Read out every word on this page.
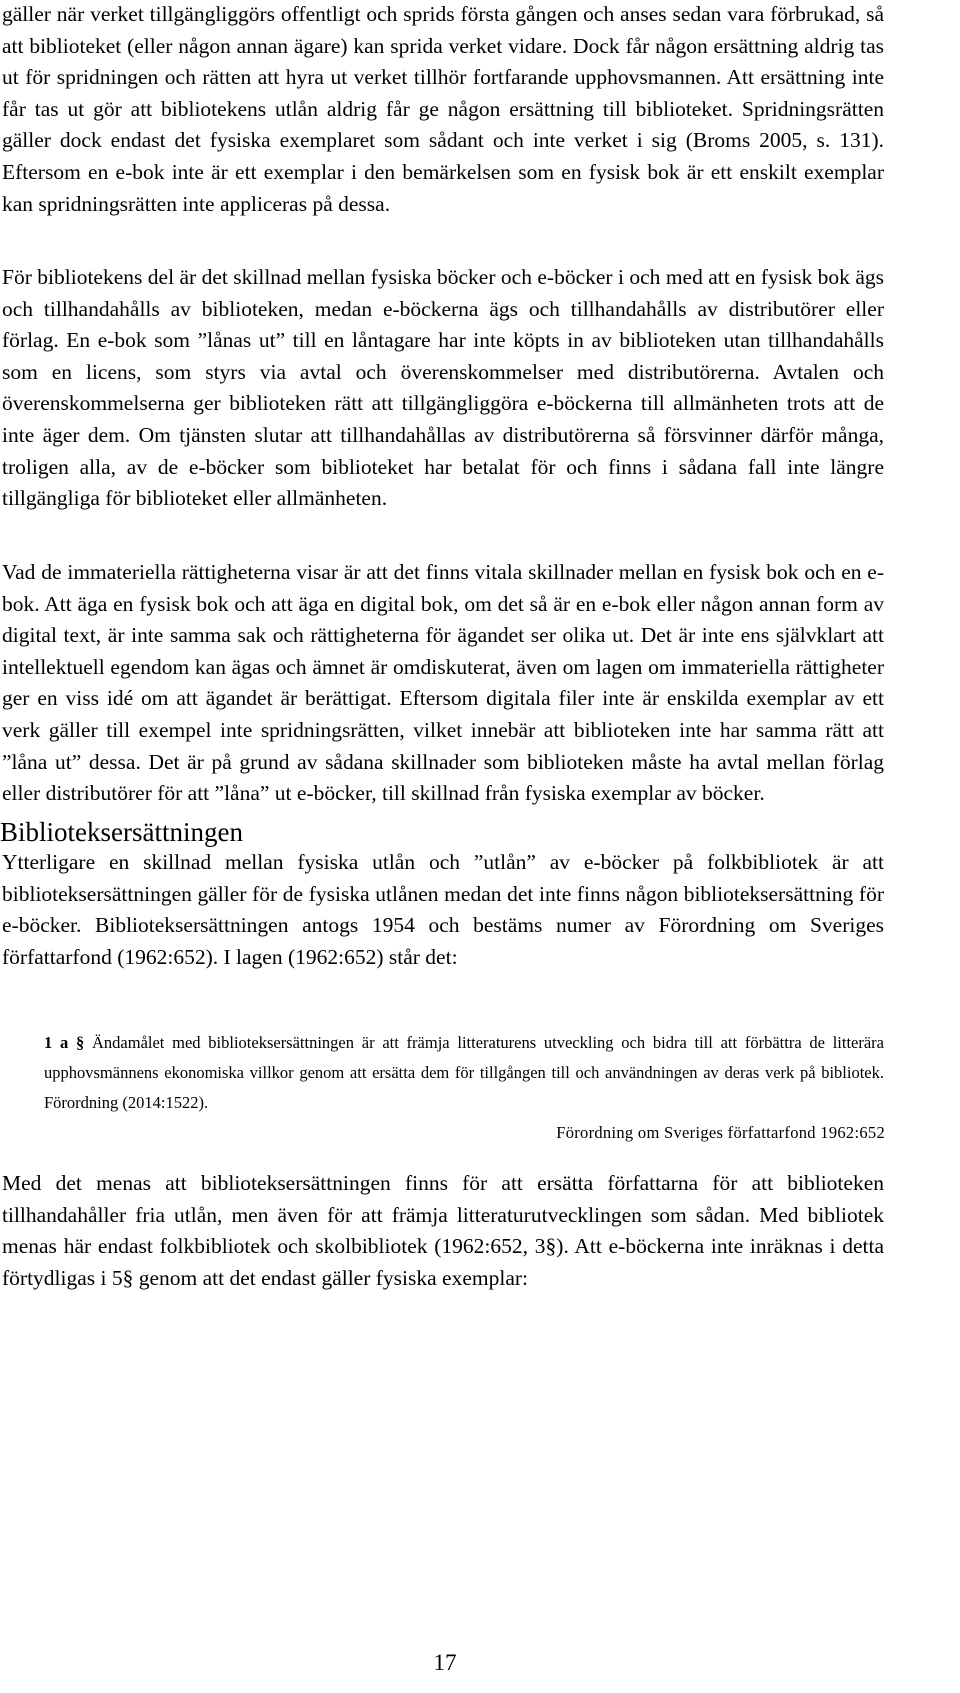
gäller när verket tillgängliggörs offentligt och sprids första gången och anses sedan vara förbrukad, så att biblioteket (eller någon annan ägare) kan sprida verket vidare. Dock får någon ersättning aldrig tas ut för spridningen och rätten att hyra ut verket tillhör fortfarande upphovsmannen. Att ersättning inte får tas ut gör att bibliotekens utlån aldrig får ge någon ersättning till biblioteket. Spridningsrätten gäller dock endast det fysiska exemplaret som sådant och inte verket i sig (Broms 2005, s. 131). Eftersom en e-bok inte är ett exemplar i den bemärkelsen som en fysisk bok är ett enskilt exemplar kan spridningsrätten inte appliceras på dessa.

För bibliotekens del är det skillnad mellan fysiska böcker och e-böcker i och med att en fysisk bok ägs och tillhandahålls av biblioteken, medan e-böckerna ägs och tillhandahålls av distributörer eller förlag. En e-bok som ”lånas ut” till en låntagare har inte köpts in av biblioteken utan tillhandahålls som en licens, som styrs via avtal och överenskommelser med distributörerna. Avtalen och överenskommelserna ger biblioteken rätt att tillgängliggöra e-böckerna till allmänheten trots att de inte äger dem. Om tjänsten slutar att tillhandahållas av distributörerna så försvinner därför många, troligen alla, av de e-böcker som biblioteket har betalat för och finns i sådana fall inte längre tillgängliga för biblioteket eller allmänheten.

Vad de immateriella rättigheterna visar är att det finns vitala skillnader mellan en fysisk bok och en e-bok. Att äga en fysisk bok och att äga en digital bok, om det så är en e-bok eller någon annan form av digital text, är inte samma sak och rättigheterna för ägandet ser olika ut. Det är inte ens självklart att intellektuell egendom kan ägas och ämnet är omdiskuterat, även om lagen om immateriella rättigheter ger en viss idé om att ägandet är berättigat. Eftersom digitala filer inte är enskilda exemplar av ett verk gäller till exempel inte spridningsrätten, vilket innebär att biblioteken inte har samma rätt att ”låna ut” dessa. Det är på grund av sådana skillnader som biblioteken måste ha avtal mellan förlag eller distributörer för att ”låna” ut e-böcker, till skillnad från fysiska exemplar av böcker.

Biblioteksersättningen

Ytterligare en skillnad mellan fysiska utlån och ”utlån” av e-böcker på folkbibliotek är att biblioteksersättningen gäller för de fysiska utlånen medan det inte finns någon biblioteksersättning för e-böcker. Biblioteksersättningen antogs 1954 och bestäms numer av Förordning om Sveriges författarfond (1962:652). I lagen (1962:652) står det:

1 a § Ändamålet med biblioteksersättningen är att främja litteraturens utveckling och bidra till att förbättra de litterära upphovsmännens ekonomiska villkor genom att ersätta dem för tillgången till och användningen av deras verk på bibliotek. Förordning (2014:1522).

Förordning om Sveriges författarfond 1962:652

Med det menas att biblioteksersättningen finns för att ersätta författarna för att biblioteken tillhandahåller fria utlån, men även för att främja litteraturutvecklingen som sådan. Med bibliotek menas här endast folkbibliotek och skolbibliotek (1962:652, 3§). Att e-böckerna inte inräknas i detta förtydligas i 5§ genom att det endast gäller fysiska exemplar:

17
